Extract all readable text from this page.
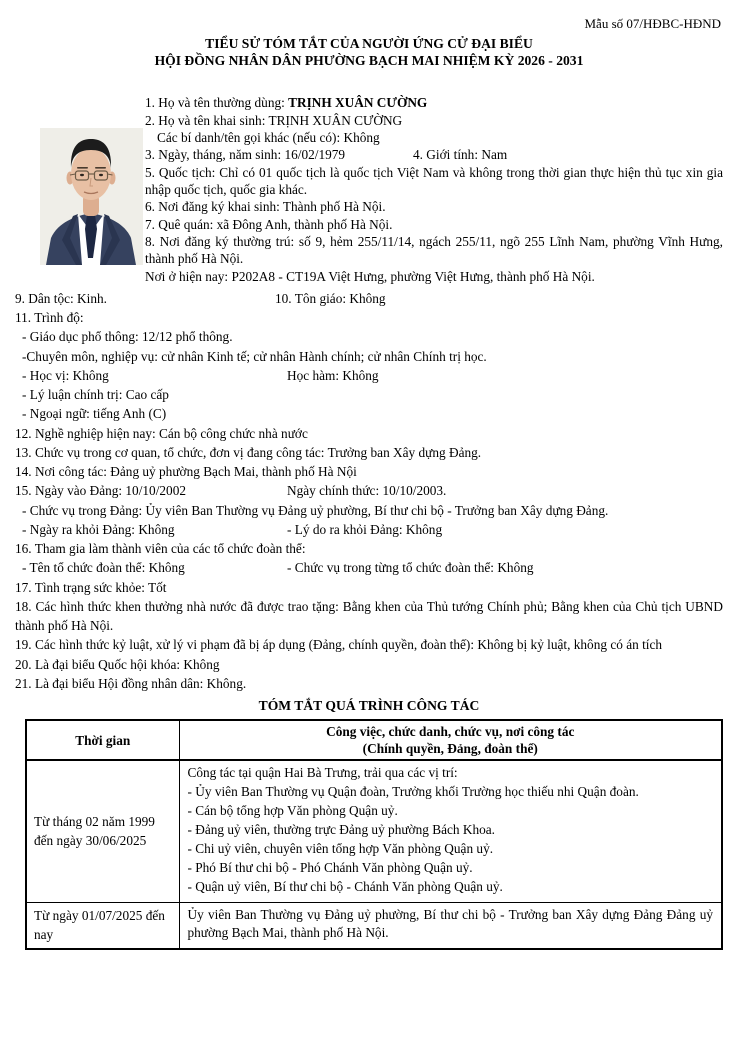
Mẫu số 07/HĐBC-HĐND
TIỂU SỬ TÓM TẮT CỦA NGƯỜI ỨNG CỬ ĐẠI BIỂU
HỘI ĐỒNG NHÂN DÂN PHƯỜNG BẠCH MAI NHIỆM KỲ 2026 - 2031
1. Họ và tên thường dùng: TRỊNH XUÂN CƯỜNG
2. Họ và tên khai sinh: TRỊNH XUÂN CƯỜNG
Các bí danh/tên gọi khác (nếu có): Không
3. Ngày, tháng, năm sinh: 16/02/1979	4. Giới tính: Nam
5. Quốc tịch: Chỉ có 01 quốc tịch là quốc tịch Việt Nam và không trong thời gian thực hiện thủ tục xin gia nhập quốc tịch, quốc gia khác.
6. Nơi đăng ký khai sinh: Thành phố Hà Nội.
7. Quê quán: xã Đông Anh, thành phố Hà Nội.
8. Nơi đăng ký thường trú: số 9, hẻm 255/11/14, ngách 255/11, ngõ 255 Lĩnh Nam, phường Vĩnh Hưng, thành phố Hà Nội.
Nơi ở hiện nay: P202A8 - CT19A Việt Hưng, phường Việt Hưng, thành phố Hà Nội.
9. Dân tộc: Kinh.	10. Tôn giáo: Không
11. Trình độ:
- Giáo dục phổ thông: 12/12 phổ thông.
-Chuyên môn, nghiệp vụ: cử nhân Kinh tế; cử nhân Hành chính; cử nhân Chính trị học.
- Học vị: Không	Học hàm: Không
- Lý luận chính trị: Cao cấp
- Ngoại ngữ: tiếng Anh (C)
12. Nghề nghiệp hiện nay: Cán bộ công chức nhà nước
13. Chức vụ trong cơ quan, tổ chức, đơn vị đang công tác: Trưởng ban Xây dựng Đảng.
14. Nơi công tác: Đảng uỷ phường Bạch Mai, thành phố Hà Nội
15. Ngày vào Đảng: 10/10/2002	Ngày chính thức: 10/10/2003.
- Chức vụ trong Đảng: Ủy viên Ban Thường vụ Đảng uỷ phường, Bí thư chi bộ - Trưởng ban Xây dựng Đảng.
- Ngày ra khỏi Đảng: Không	- Lý do ra khỏi Đảng: Không
16. Tham gia làm thành viên của các tổ chức đoàn thể:
- Tên tổ chức đoàn thể: Không	- Chức vụ trong từng tổ chức đoàn thể: Không
17. Tình trạng sức khỏe: Tốt
18. Các hình thức khen thưởng nhà nước đã được trao tặng: Bằng khen của Thủ tướng Chính phủ; Bằng khen của Chủ tịch UBND thành phố Hà Nội.
19. Các hình thức kỷ luật, xử lý vi phạm đã bị áp dụng (Đảng, chính quyền, đoàn thể): Không bị kỷ luật, không có án tích
20. Là đại biểu Quốc hội khóa: Không
21. Là đại biểu Hội đồng nhân dân: Không.
TÓM TẮT QUÁ TRÌNH CÔNG TÁC
Thời gian	Công việc, chức danh, chức vụ, nơi công tác
(Chính quyền, Đảng, đoàn thể)

Từ tháng 02 năm 1999 đến ngày 30/06/2025	
Công tác tại quận Hai Bà Trưng, trải qua các vị trí:
- Ủy viên Ban Thường vụ Quận đoàn, Trưởng khối Trường học thiếu nhi Quận đoàn.
- Cán bộ tổng hợp Văn phòng Quận uỷ.
- Đảng uỷ viên, thường trực Đảng uỷ phường Bách Khoa.
- Chi uỷ viên, chuyên viên tổng hợp Văn phòng Quận uỷ.
- Phó Bí thư chi bộ - Phó Chánh Văn phòng Quận uỷ.
- Quận uỷ viên, Bí thư chi bộ - Chánh Văn phòng Quận uỷ.

Từ ngày 01/07/2025 đến nay	Ủy viên Ban Thường vụ Đảng uỷ phường, Bí thư chi bộ - Trưởng ban Xây dựng Đảng Đảng uỷ phường Bạch Mai, thành phố Hà Nội.
